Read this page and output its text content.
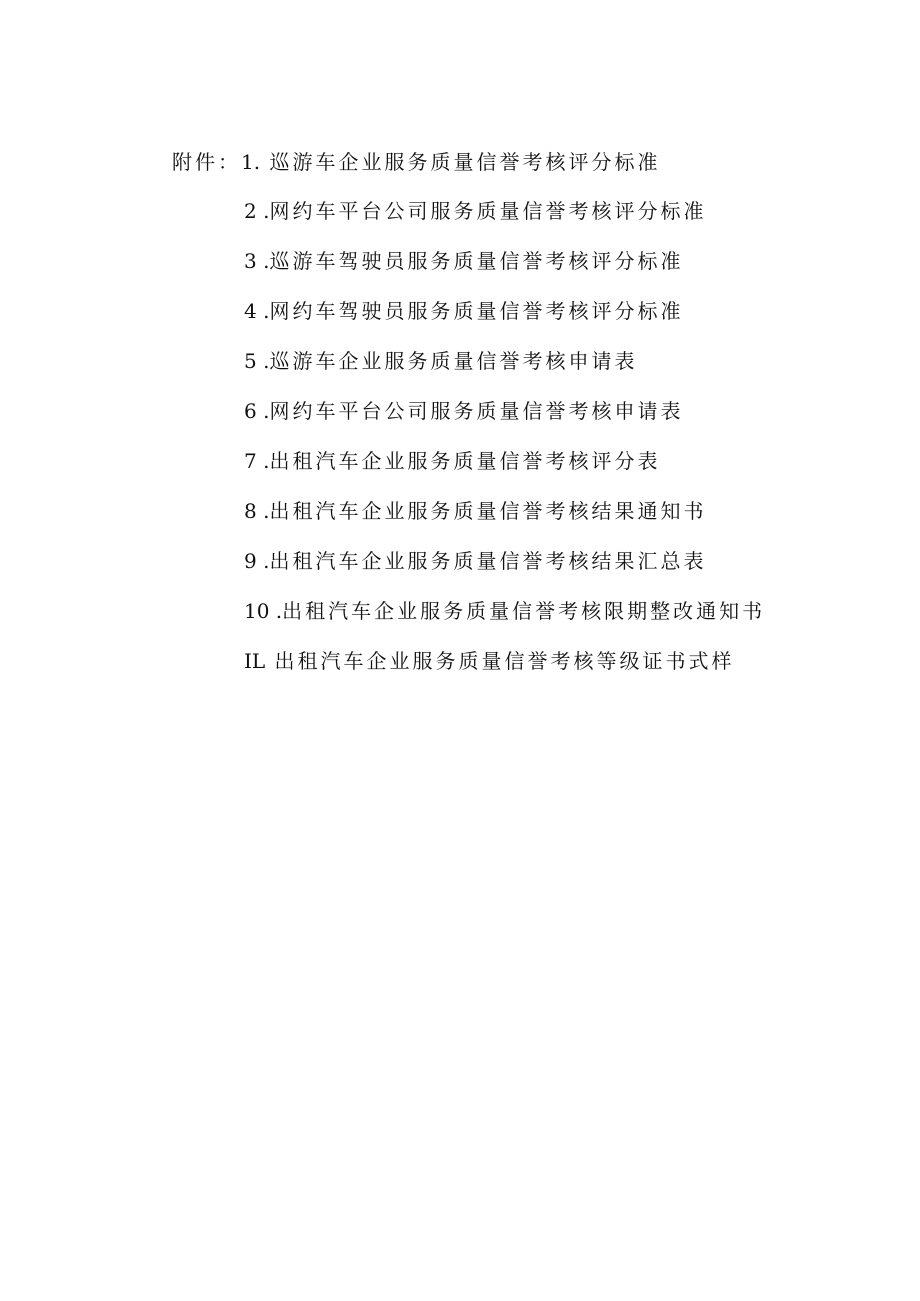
附件：1. 巡游车企业服务质量信誉考核评分标准
2 .网约车平台公司服务质量信誉考核评分标准
3 .巡游车驾驶员服务质量信誉考核评分标准
4 .网约车驾驶员服务质量信誉考核评分标准
5 .巡游车企业服务质量信誉考核申请表
6 .网约车平台公司服务质量信誉考核申请表
7 .出租汽车企业服务质量信誉考核评分表
8 .出租汽车企业服务质量信誉考核结果通知书
9 .出租汽车企业服务质量信誉考核结果汇总表
10 .出租汽车企业服务质量信誉考核限期整改通知书
IL 出租汽车企业服务质量信誉考核等级证书式样
